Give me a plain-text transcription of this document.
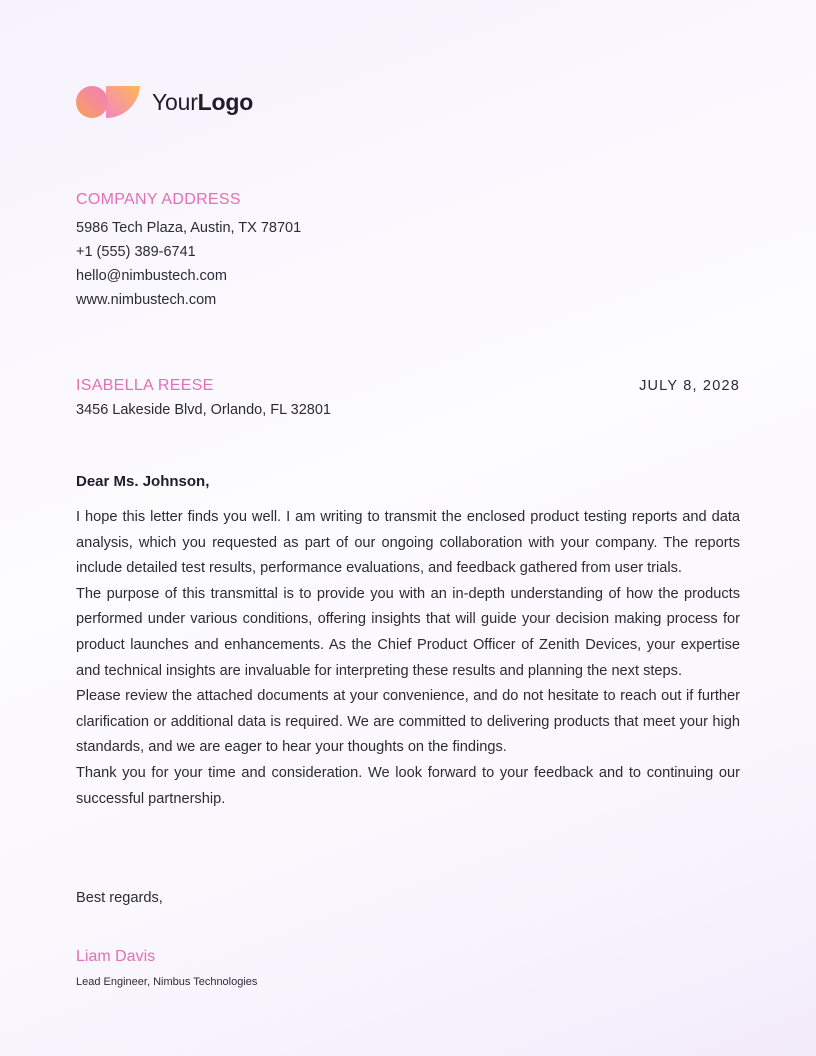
YourLogo
COMPANY ADDRESS
5986 Tech Plaza, Austin, TX 78701
+1 (555) 389-6741
hello@nimbustech.com
www.nimbustech.com
ISABELLA REESE	JULY 8, 2028
3456 Lakeside Blvd, Orlando, FL 32801
Dear Ms. Johnson,

I hope this letter finds you well. I am writing to transmit the enclosed product testing reports and data analysis, which you requested as part of our ongoing collaboration with your company. The reports include detailed test results, performance evaluations, and feedback gathered from user trials.

The purpose of this transmittal is to provide you with an in-depth understanding of how the products performed under various conditions, offering insights that will guide your decision making process for product launches and enhancements. As the Chief Product Officer of Zenith Devices, your expertise and technical insights are invaluable for interpreting these results and planning the next steps.

Please review the attached documents at your convenience, and do not hesitate to reach out if further clarification or additional data is required. We are committed to delivering products that meet your high standards, and we are eager to hear your thoughts on the findings.

Thank you for your time and consideration. We look forward to your feedback and to continuing our successful partnership.

Best regards,
Liam Davis
Lead Engineer, Nimbus Technologies
